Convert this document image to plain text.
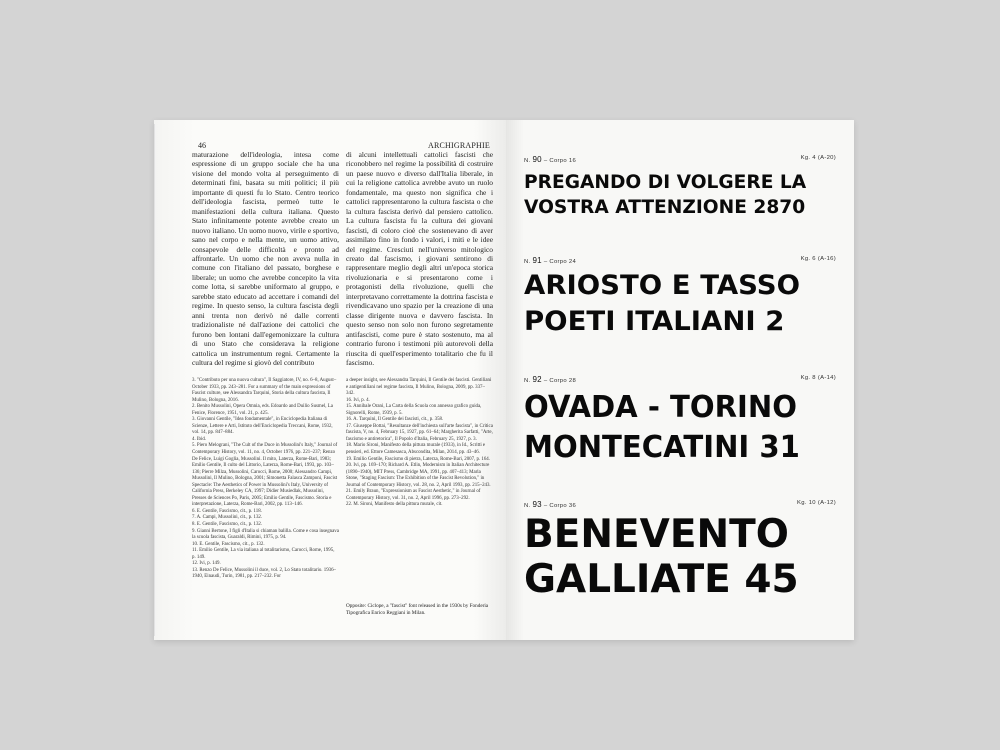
46	ARCHIGRAPHIE
maturazione dell'ideologia, intesa come espressione di un gruppo sociale che ha una visione del mondo volta al perseguimento di determinati fini, basata su miti politici; il più importante di questi fu lo Stato. Centro teorico dell'ideologia fascista, permeò tutte le manifestazioni della cultura italiana. Questo Stato infinitamente potente avrebbe creato un nuovo italiano. Un uomo nuovo, virile e sportivo, sano nel corpo e nella mente, un uomo attivo, consapevole delle difficoltà e pronto ad affrontarle. Un uomo che non aveva nulla in comune con l'italiano del passato, borghese e liberale; un uomo che avrebbe concepito la vita come lotta, si sarebbe uniformato al gruppo, e sarebbe stato educato ad accettare i comandi del regime. In questo senso, la cultura fascista degli anni trenta non derivò né dalle correnti tradizionaliste né dall'azione dei cattolici che furono ben lontani dall'egemonizzare la cultura di uno Stato che considerava la religione cattolica un instrumentum regni. Certamente la cultura del regime si giovò del contributo
di alcuni intellettuali cattolici fascisti che riconobbero nel regime la possibilità di costruire un paese nuovo e diverso dall'Italia liberale, in cui la religione cattolica avrebbe avuto un ruolo fondamentale, ma questo non significa che i cattolici rappresentarono la cultura fascista o che la cultura fascista derivò dal pensiero cattolico. La cultura fascista fu la cultura dei giovani fascisti, di coloro cioè che sostenevano di aver assimilato fino in fondo i valori, i miti e le idee del regime. Cresciuti nell'universo mitologico creato dal fascismo, i giovani sentirono di rappresentare meglio degli altri un'epoca storica rivoluzionaria e si presentarono come i protagonisti della rivoluzione, quelli che interpretavano correttamente la dottrina fascista e rivendicavano uno spazio per la creazione di una classe dirigente nuova e davvero fascista. In questo senso non solo non furono segretamente antifascisti, come pure è stato sostenuto, ma al contrario furono i testimoni più autorevoli della riuscita di quell'esperimento totalitario che fu il fascismo.

3. "Contributo per una nuova cultura", Il Saggiatore, IV, no. 6–8, August–October 1933, pp. 243–281. For a summary of the main expressions of Fascist culture, see Alessandra Tarquini, Storia della cultura fascista, Il Mulino, Bologna, 2016.

2. Benito Mussolini, Opera Omnia, eds. Edoardo and Duilio Susmel, La Fenice, Florence, 1951, vol. 21, p. 425.

3. Giovanni Gentile, "Idea fondamentale", in Enciclopedia Italiana di Scienze, Lettere e Arti, Istituto dell'Enciclopedia Treccani, Rome, 1932, vol. 14, pp. 847–884.

4. Ibid.

5. Piero Melograni, "The Cult of the Duce in Mussolini's Italy," Journal of Contemporary History, vol. 11, no. 4, October 1976, pp. 221–237; Renzo De Felice, Luigi Goglia, Mussolini. Il mito, Laterza, Rome-Bari, 1983; Emilio Gentile, Il culto del Littorio, Laterza, Rome-Bari, 1993, pp. 103–136; Pierre Milza, Mussolini, Carocci, Rome, 2000; Alessandro Campi, Mussolini, Il Mulino, Bologna, 2001; Simonetta Falasca Zamponi, Fascist Spectacle: The Aesthetics of Power in Mussolini's Italy, University of California Press, Berkeley CA, 1997; Didier Musiedlak, Mussolini, Presses de Sciences Po, Paris, 2005; Emilio Gentile, Fascismo. Storia e interpretazione, Laterza, Rome-Bari, 2002, pp. 113–146.

6. E. Gentile, Fascismo, cit., p. 118.

7. A. Campi, Mussolini, cit., p. 132.

8. E. Gentile, Fascismo, cit., p. 132.

9. Gianni Bertone, I figli d'Italia si chiaman balilla. Come e cosa insegnava la scuola fascista, Guaraldi, Rimini, 1975, p. 94.

10. E. Gentile, Fascismo, cit., p. 132.

11. Emilio Gentile, La via italiana al totalitarismo, Carocci, Rome, 1995, p. 149.

12. Ivi, p. 149.

13. Renzo De Felice, Mussolini il duce, vol. 2, Lo Stato totalitario. 1936–1940, Einaudi, Turin, 1981, pp. 217–232. For

a deeper insight, see Alessandra Tarquini, Il Gentile dei fascisti. Gentiliani e antigentiliani nel regime fascista, Il Mulino, Bologna, 2009, pp. 337–342.

16. Ivi, p. 4.

15. Annibale Orani, La Carta della Scuola con annesso grafico guida, Signorelli, Rome, 1939, p. 5.

16. A. Tarquini, Il Gentile dei fascisti, cit., p. 358.

17. Giuseppe Bottai, "Resultanze dell'inchiesta sull'arte fascista", in Critica fascista, V, no. 4, February 15, 1927, pp. 61–64; Margherita Sarfatti, "Arte, fascismo e antiretorica", Il Popolo d'Italia, February 25, 1927, p. 3.

18. Mario Sironi, Manifesto della pittura murale (1933), in Id., Scritti e pensieri, ed. Ettore Camesasca, Abscondita, Milan, 2014, pp. 43–46.

19. Emilio Gentile, Fascismo di pietra, Laterza, Rome-Bari, 2007, p. 164.

20. Ivi, pp. 169–170; Richard A. Etlin, Modernism in Italian Architecture (1890–1940), MIT Press, Cambridge MA, 1991, pp. 407–413; Marla Stone, "Staging Fascism: The Exhibition of the Fascist Revolution," in Journal of Contemporary History, vol. 28, no. 2, April 1993, pp. 215–243.

21. Emily Braun, "Expressionism as Fascist Aesthetic," in Journal of Contemporary History, vol. 31, no. 2, April 1996, pp. 273–292.

22. M. Sironi, Manifesto della pittura murale, cit.

Opposite: Ciclope, a "fascist" font released in the 1930s by Fonderia Tipografica Enrico Reggiani in Milan.
N. 90 – Corpo 16	Kg. 4 (A-20)
PREGANDO DI VOLGERE LA
VOSTRA ATTENZIONE 2870
N. 91 – Corpo 24	Kg. 6 (A-16)
ARIOSTO E TASSO
POETI ITALIANI 2
N. 92 – Corpo 28	Kg. 8 (A-14)
OVADA - TORINO
MONTECATINI 31
N. 93 – Corpo 36	Kg. 10 (A-12)
BENEVENTO
GALLIATE 45
